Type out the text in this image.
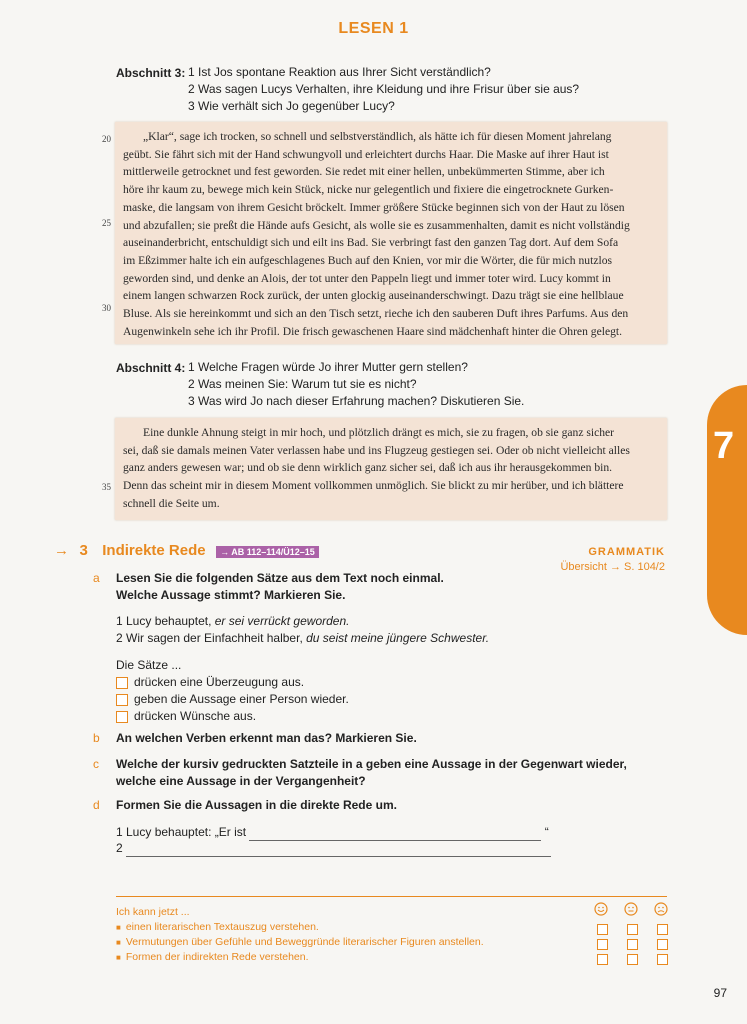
LESEN 1
Abschnitt 3: 1 Ist Jos spontane Reaktion aus Ihrer Sicht verständlich?
2 Was sagen Lucys Verhalten, ihre Kleidung und ihre Frisur über sie aus?
3 Wie verhält sich Jo gegenüber Lucy?
20
25
30

„Klar“, sage ich trocken, so schnell und selbstverständlich, als hätte ich für diesen Moment jahrelang

geübt. Sie fährt sich mit der Hand schwungvoll und erleichtert durchs Haar. Die Maske auf ihrer Haut ist

mittlerweile getrocknet und fest geworden. Sie redet mit einer hellen, unbekümmerten Stimme, aber ich

höre ihr kaum zu, bewege mich kein Stück, nicke nur gelegentlich und fixiere die eingetrocknete Gurken-

maske, die langsam von ihrem Gesicht bröckelt. Immer größere Stücke beginnen sich von der Haut zu lösen

und abzufallen; sie preßt die Hände aufs Gesicht, als wolle sie es zusammenhalten, damit es nicht vollständig

auseinanderbricht, entschuldigt sich und eilt ins Bad. Sie verbringt fast den ganzen Tag dort. Auf dem Sofa

im Eßzimmer halte ich ein aufgeschlagenes Buch auf den Knien, vor mir die Wörter, die für mich nutzlos

geworden sind, und denke an Alois, der tot unter den Pappeln liegt und immer toter wird. Lucy kommt in

einem langen schwarzen Rock zurück, der unten glockig auseinanderschwingt. Dazu trägt sie eine hellblaue

Bluse. Als sie hereinkommt und sich an den Tisch setzt, rieche ich den sauberen Duft ihres Parfums. Aus den

Augenwinkeln sehe ich ihr Profil. Die frisch gewaschenen Haare sind mädchenhaft hinter die Ohren gelegt.

Abschnitt 4: 1 Welche Fragen würde Jo ihrer Mutter gern stellen?
2 Was meinen Sie: Warum tut sie es nicht?
3 Was wird Jo nach dieser Erfahrung machen? Diskutieren Sie.
35

Eine dunkle Ahnung steigt in mir hoch, und plötzlich drängt es mich, sie zu fragen, ob sie ganz sicher

sei, daß sie damals meinen Vater verlassen habe und ins Flugzeug gestiegen sei. Oder ob nicht vielleicht alles

ganz anders gewesen war; und ob sie denn wirklich ganz sicher sei, daß ich aus ihr herausgekommen bin.

Denn das scheint mir in diesem Moment vollkommen unmöglich. Sie blickt zu mir herüber, und ich blättere

schnell die Seite um.

→ 3 Indirekte Rede → AB 112–114/Ü12–15	GRAMMATIK
Übersicht → S. 104/2
a Lesen Sie die folgenden Sätze aus dem Text noch einmal.
Welche Aussage stimmt? Markieren Sie.
1 Lucy behauptet, er sei verrückt geworden.
2 Wir sagen der Einfachheit halber, du seist meine jüngere Schwester.
Die Sätze ...
drücken eine Überzeugung aus.
geben die Aussage einer Person wieder.
drücken Wünsche aus.
b An welchen Verben erkennt man das? Markieren Sie.
c Welche der kursiv gedruckten Satzteile in a geben eine Aussage in der Gegenwart wieder,
welche eine Aussage in der Vergangenheit?
d Formen Sie die Aussagen in die direkte Rede um.
1 Lucy behauptet: „Er ist	“
2
Ich kann jetzt ...
■ einen literarischen Textauszug verstehen.
■ Vermutungen über Gefühle und Beweggründe literarischer Figuren anstellen.
■ Formen der indirekten Rede verstehen.
7
97
